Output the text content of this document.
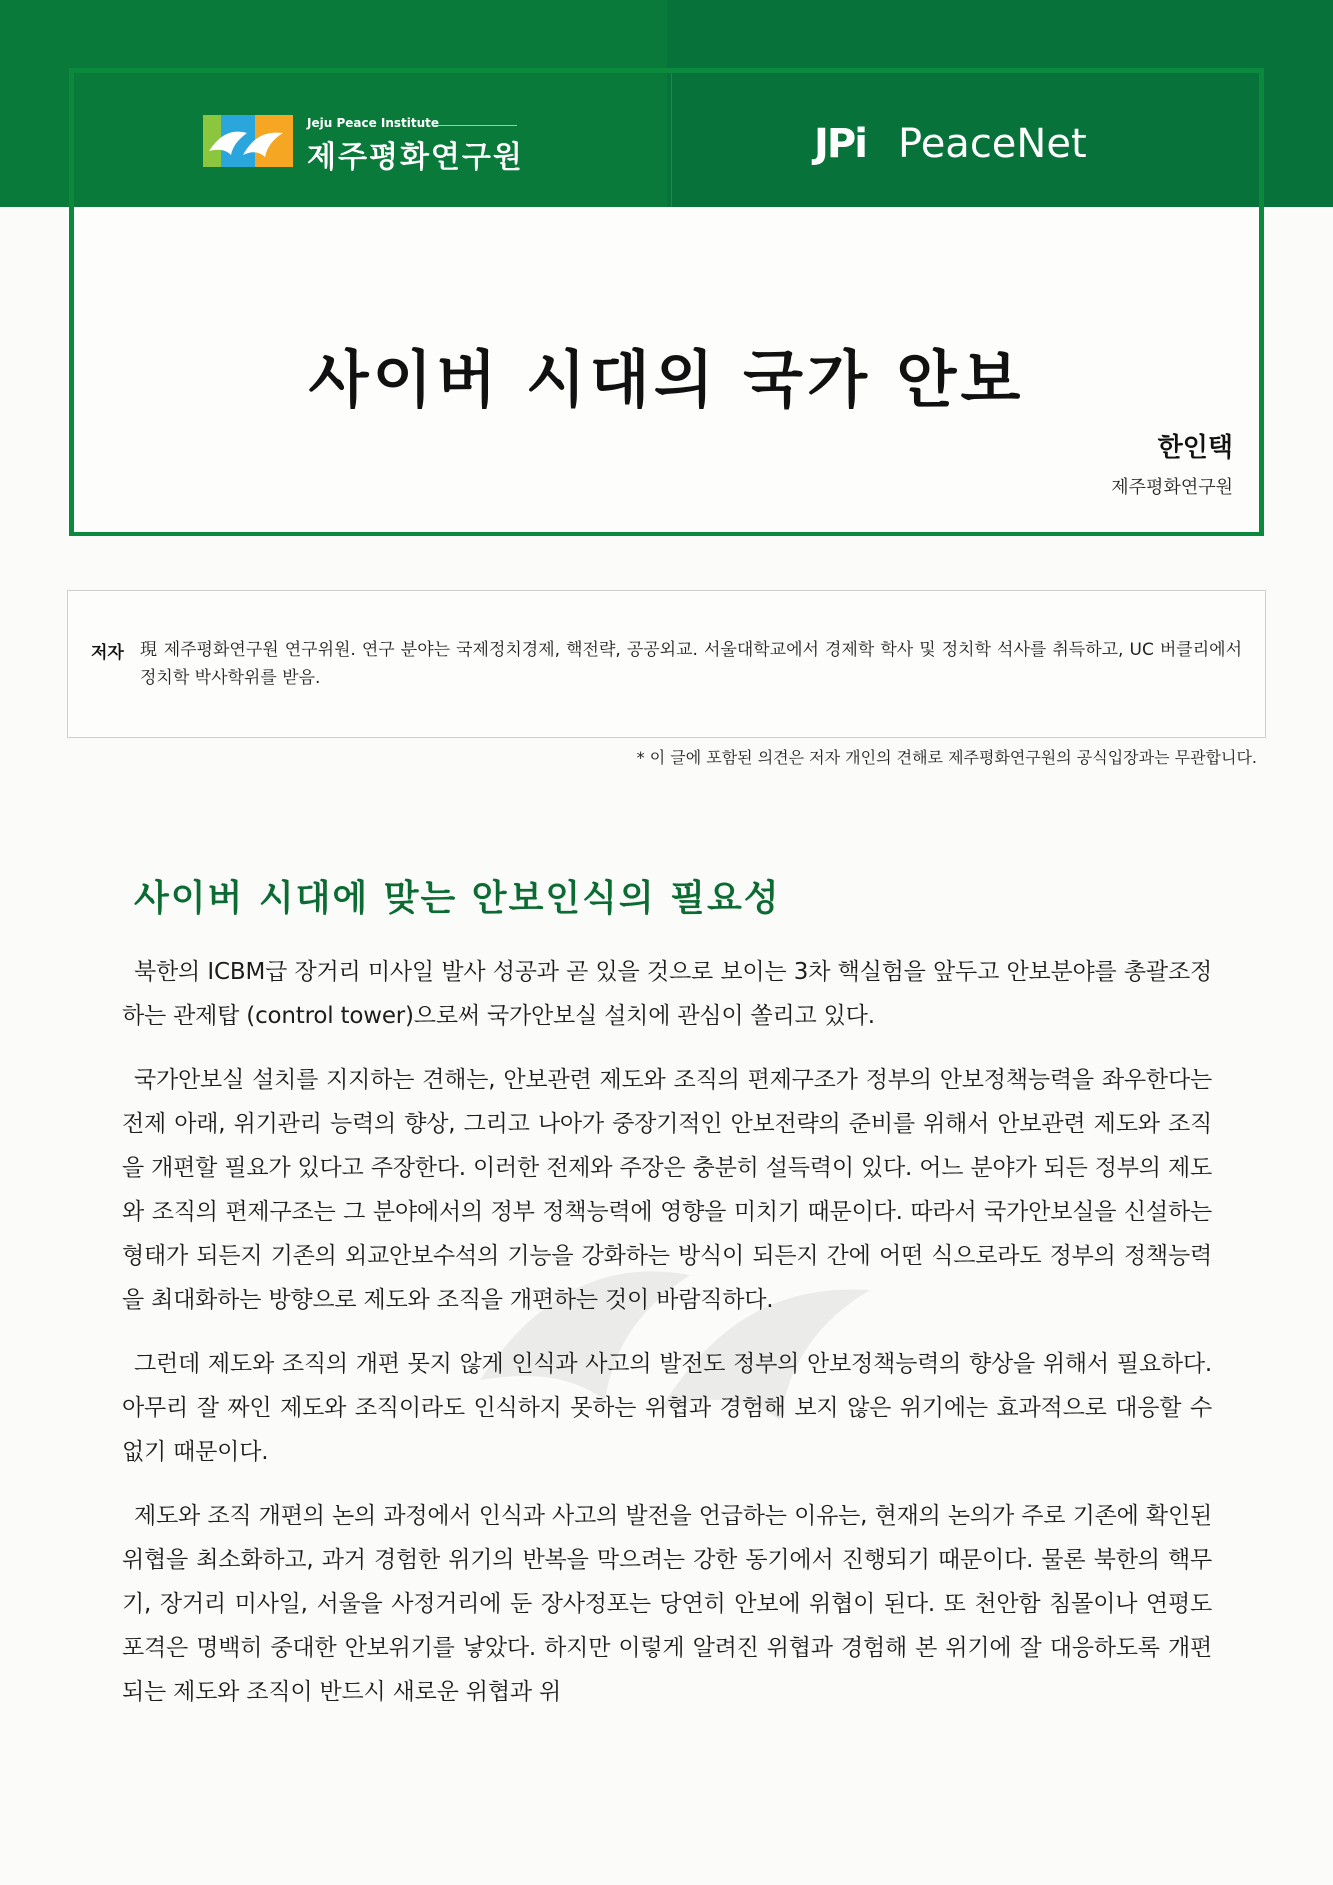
Jeju Peace Institute
제주평화연구원	JPi PeaceNet
사이버 시대의 국가 안보
한인택
제주평화연구원
저자 現 제주평화연구원 연구위원. 연구 분야는 국제정치경제, 핵전략, 공공외교. 서울대학교에서 경제학 학사 및 정치학 석사를 취득하고, UC 버클리에서 정치학 박사학위를 받음.
* 이 글에 포함된 의견은 저자 개인의 견해로 제주평화연구원의 공식입장과는 무관합니다.
사이버 시대에 맞는 안보인식의 필요성

북한의 ICBM급 장거리 미사일 발사 성공과 곧 있을 것으로 보이는 3차 핵실험을 앞두고 안보분야를 총괄조정하는 관제탑 (control tower)으로써 국가안보실 설치에 관심이 쏠리고 있다.

국가안보실 설치를 지지하는 견해는, 안보관련 제도와 조직의 편제구조가 정부의 안보정책능력을 좌우한다는 전제 아래, 위기관리 능력의 향상, 그리고 나아가 중장기적인 안보전략의 준비를 위해서 안보관련 제도와 조직을 개편할 필요가 있다고 주장한다. 이러한 전제와 주장은 충분히 설득력이 있다. 어느 분야가 되든 정부의 제도와 조직의 편제구조는 그 분야에서의 정부 정책능력에 영향을 미치기 때문이다. 따라서 국가안보실을 신설하는 형태가 되든지 기존의 외교안보수석의 기능을 강화하는 방식이 되든지 간에 어떤 식으로라도 정부의 정책능력을 최대화하는 방향으로 제도와 조직을 개편하는 것이 바람직하다.

그런데 제도와 조직의 개편 못지 않게 인식과 사고의 발전도 정부의 안보정책능력의 향상을 위해서 필요하다. 아무리 잘 짜인 제도와 조직이라도 인식하지 못하는 위협과 경험해 보지 않은 위기에는 효과적으로 대응할 수 없기 때문이다.

제도와 조직 개편의 논의 과정에서 인식과 사고의 발전을 언급하는 이유는, 현재의 논의가 주로 기존에 확인된 위협을 최소화하고, 과거 경험한 위기의 반복을 막으려는 강한 동기에서 진행되기 때문이다. 물론 북한의 핵무기, 장거리 미사일, 서울을 사정거리에 둔 장사정포는 당연히 안보에 위협이 된다. 또 천안함 침몰이나 연평도 포격은 명백히 중대한 안보위기를 낳았다. 하지만 이렇게 알려진 위협과 경험해 본 위기에 잘 대응하도록 개편되는 제도와 조직이 반드시 새로운 위협과 위
